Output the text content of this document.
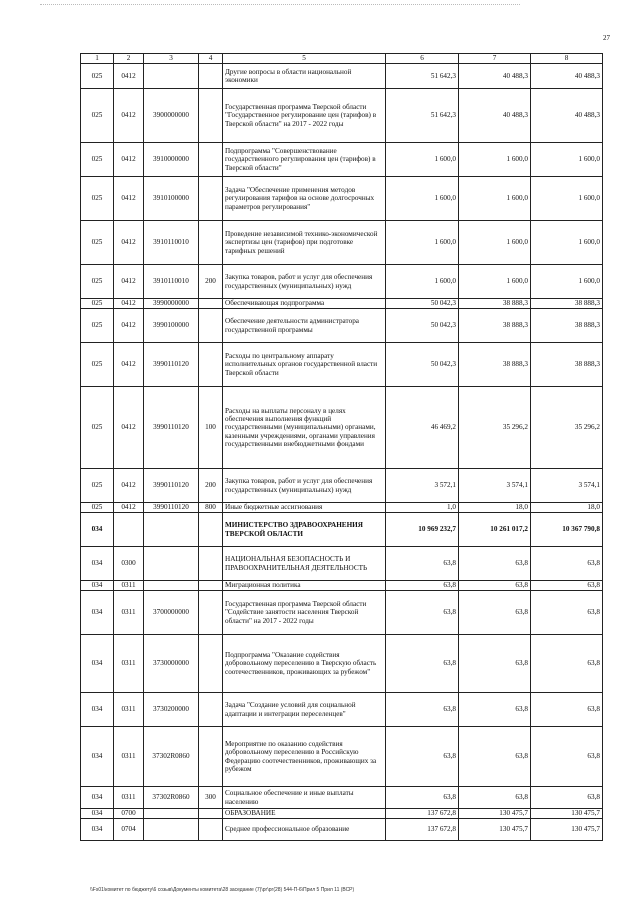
27
1	2	3	4	5	6	7	8
025	0412			Другие вопросы в области национальной экономики	51 642,3	40 488,3	40 488,3
025	0412	3900000000		Государственная программа Тверской области "Государственное регулирование цен (тарифов) в Тверской области" на 2017 - 2022 годы	51 642,3	40 488,3	40 488,3
025	0412	3910000000		Подпрограмма "Совершенствование государственного регулирования цен (тарифов) в Тверской области"	1 600,0	1 600,0	1 600,0
025	0412	3910100000		Задача "Обеспечение применения методов регулирования тарифов на основе долгосрочных параметров регулирования"	1 600,0	1 600,0	1 600,0
025	0412	3910110010		Проведение независимой технико-экономической экспертизы цен (тарифов) при подготовке тарифных решений	1 600,0	1 600,0	1 600,0
025	0412	3910110010	200	Закупка товаров, работ и услуг для обеспечения государственных (муниципальных) нужд	1 600,0	1 600,0	1 600,0
025	0412	3990000000		Обеспечивающая подпрограмма	50 042,3	38 888,3	38 888,3
025	0412	3990100000		Обеспечение деятельности администратора государственной программы	50 042,3	38 888,3	38 888,3
025	0412	3990110120		Расходы по центральному аппарату исполнительных органов государственной власти Тверской области	50 042,3	38 888,3	38 888,3
025	0412	3990110120	100	Расходы на выплаты персоналу в целях обеспечения выполнения функций государственными (муниципальными) органами, казенными учреждениями, органами управления государственными внебюджетными фондами	46 469,2	35 296,2	35 296,2
025	0412	3990110120	200	Закупка товаров, работ и услуг для обеспечения государственных (муниципальных) нужд	3 572,1	3 574,1	3 574,1
025	0412	3990110120	800	Иные бюджетные ассигнования	1,0	18,0	18,0
034				МИНИСТЕРСТВО ЗДРАВООХРАНЕНИЯ ТВЕРСКОЙ ОБЛАСТИ	10 969 232,7	10 261 017,2	10 367 790,8
034	0300			НАЦИОНАЛЬНАЯ БЕЗОПАСНОСТЬ И ПРАВООХРАНИТЕЛЬНАЯ ДЕЯТЕЛЬНОСТЬ	63,8	63,8	63,8
034	0311			Миграционная политика	63,8	63,8	63,8
034	0311	3700000000		Государственная программа Тверской области "Содействие занятости населения Тверской области" на 2017 - 2022 годы	63,8	63,8	63,8
034	0311	3730000000		Подпрограмма "Оказание содействия добровольному переселению в Тверскую область соотечественников, проживающих за рубежом"	63,8	63,8	63,8
034	0311	3730200000		Задача "Создание условий для социальной адаптации и интеграции переселенцев"	63,8	63,8	63,8
034	0311	37302R0860		Мероприятие по оказанию содействия добровольному переселению в Российскую Федерацию соотечественников, проживающих за рубежом	63,8	63,8	63,8
034	0311	37302R0860	300	Социальное обеспечение и иные выплаты населению	63,8	63,8	63,8
034	0700			ОБРАЗОВАНИЕ	137 672,8	130 475,7	130 475,7
034	0704			Среднее профессиональное образование	137 672,8	130 475,7	130 475,7
\\Fs01\комитет по бюджету\6 созыв\Документы комитета\28 заседание (7)\рг\рг(28) 544-П-6\Прил 5 Прил 11 (ВСР)
